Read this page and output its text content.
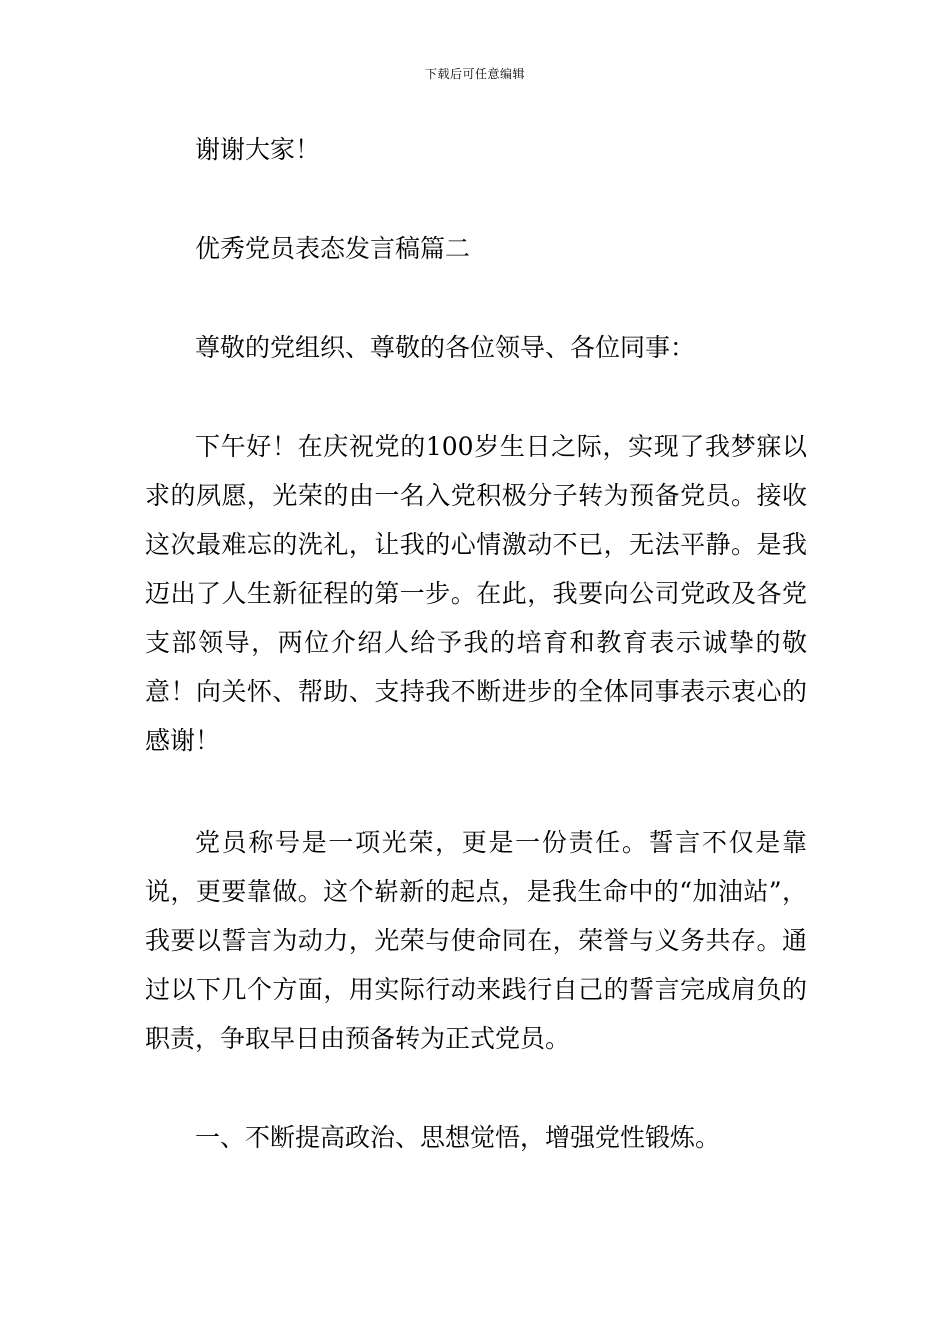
下载后可任意编辑

谢谢大家！

优秀党员表态发言稿篇二

尊敬的党组织、尊敬的各位领导、各位同事：

下午好！在庆祝党的100岁生日之际，实现了我梦寐以求的夙愿，光荣的由一名入党积极分子转为预备党员。接收这次最难忘的洗礼，让我的心情激动不已，无法平静。是我迈出了人生新征程的第一步。在此，我要向公司党政及各党支部领导，两位介绍人给予我的培育和教育表示诚挚的敬意！向关怀、帮助、支持我不断进步的全体同事表示衷心的感谢！

党员称号是一项光荣，更是一份责任。誓言不仅是靠说，更要靠做。这个崭新的起点，是我生命中的“加油站”，我要以誓言为动力，光荣与使命同在，荣誉与义务共存。通过以下几个方面，用实际行动来践行自己的誓言完成肩负的职责，争取早日由预备转为正式党员。

一、不断提高政治、思想觉悟，增强党性锻炼。
